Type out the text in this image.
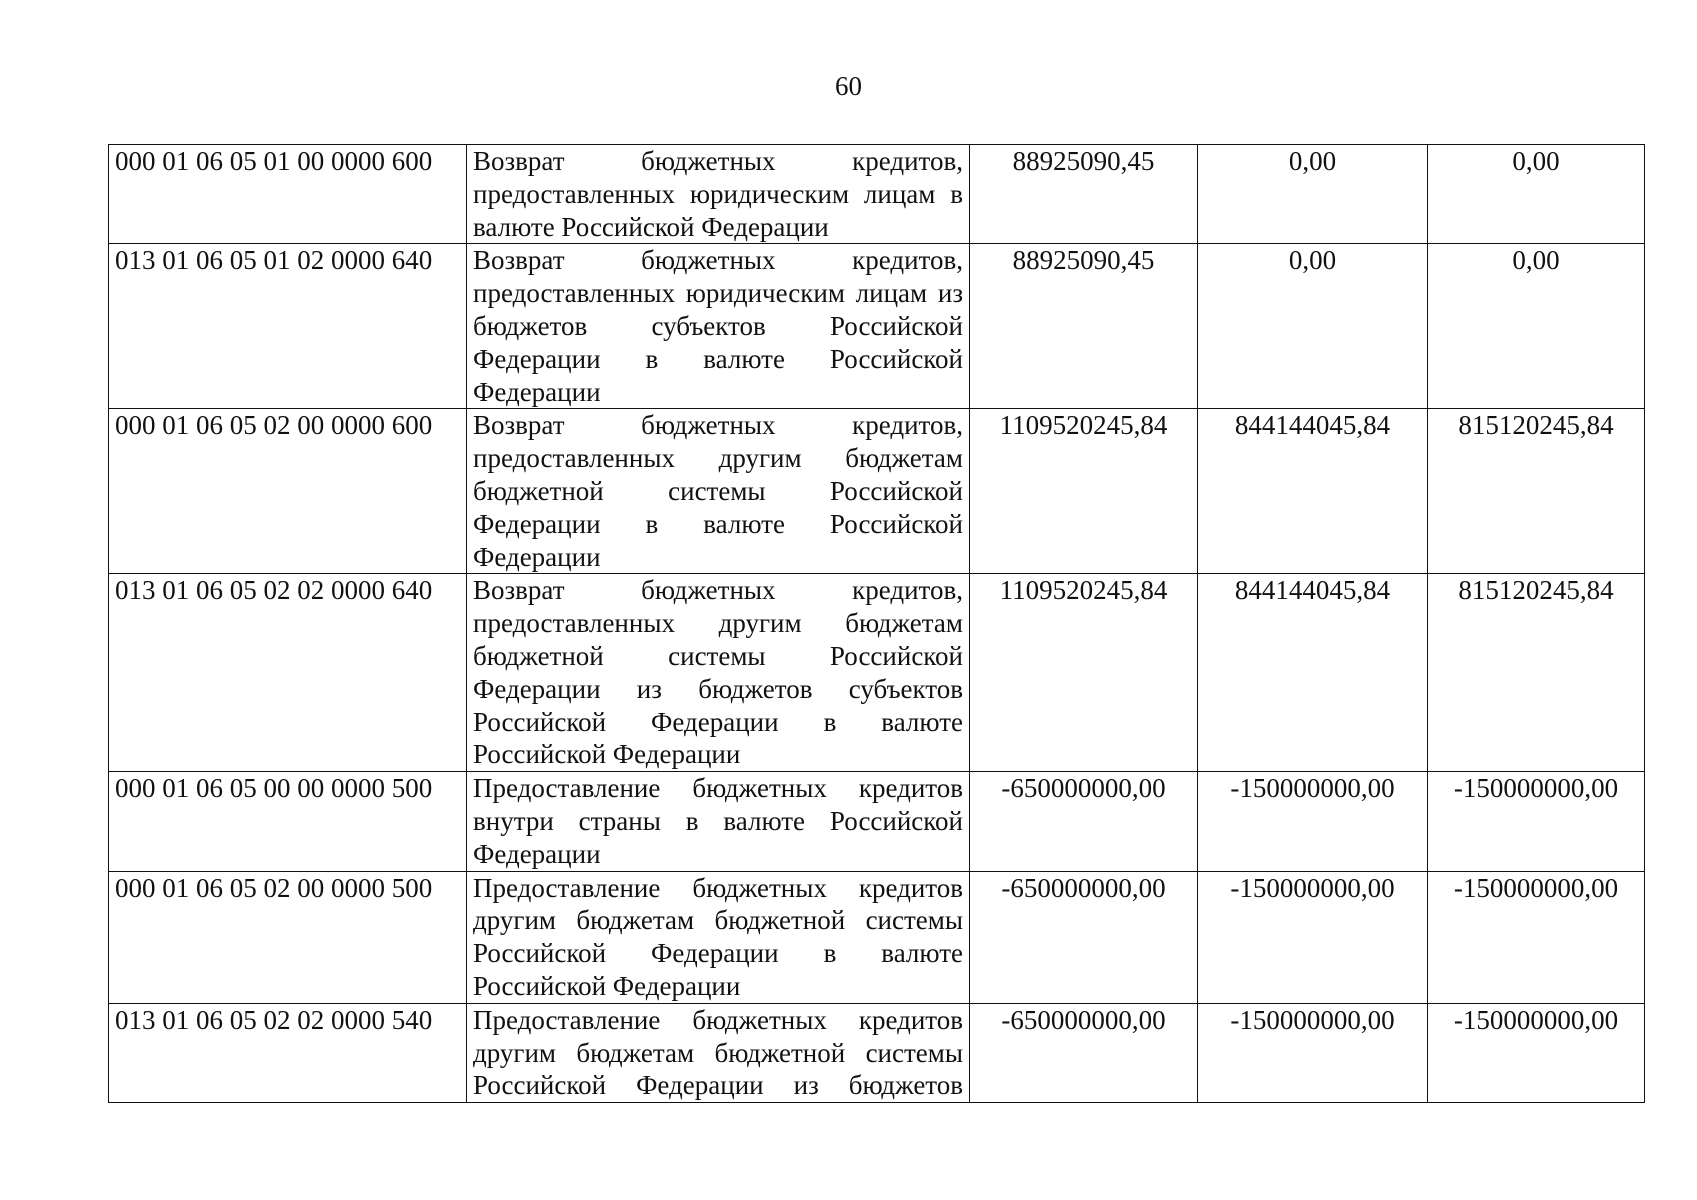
60
000 01 06 05 01 00 0000 600	Возврат бюджетных кредитов, предоставленных юридическим лицам в валюте Российской Федерации	88925090,45	0,00	0,00
013 01 06 05 01 02 0000 640	Возврат бюджетных кредитов, предоставленных юридическим лицам из бюджетов субъектов Российской Федерации в валюте Российской Федерации	88925090,45	0,00	0,00
000 01 06 05 02 00 0000 600	Возврат бюджетных кредитов, предоставленных другим бюджетам бюджетной системы Российской Федерации в валюте Российской Федерации	1109520245,84	844144045,84	815120245,84
013 01 06 05 02 02 0000 640	Возврат бюджетных кредитов, предоставленных другим бюджетам бюджетной системы Российской Федерации из бюджетов субъектов Российской Федерации в валюте Российской Федерации	1109520245,84	844144045,84	815120245,84
000 01 06 05 00 00 0000 500	Предоставление бюджетных кредитов внутри страны в валюте Российской Федерации	-650000000,00	-150000000,00	-150000000,00
000 01 06 05 02 00 0000 500	Предоставление бюджетных кредитов другим бюджетам бюджетной системы Российской Федерации в валюте Российской Федерации	-650000000,00	-150000000,00	-150000000,00
013 01 06 05 02 02 0000 540	Предоставление бюджетных кредитов другим бюджетам бюджетной системы Российской Федерации из бюджетов	-650000000,00	-150000000,00	-150000000,00
